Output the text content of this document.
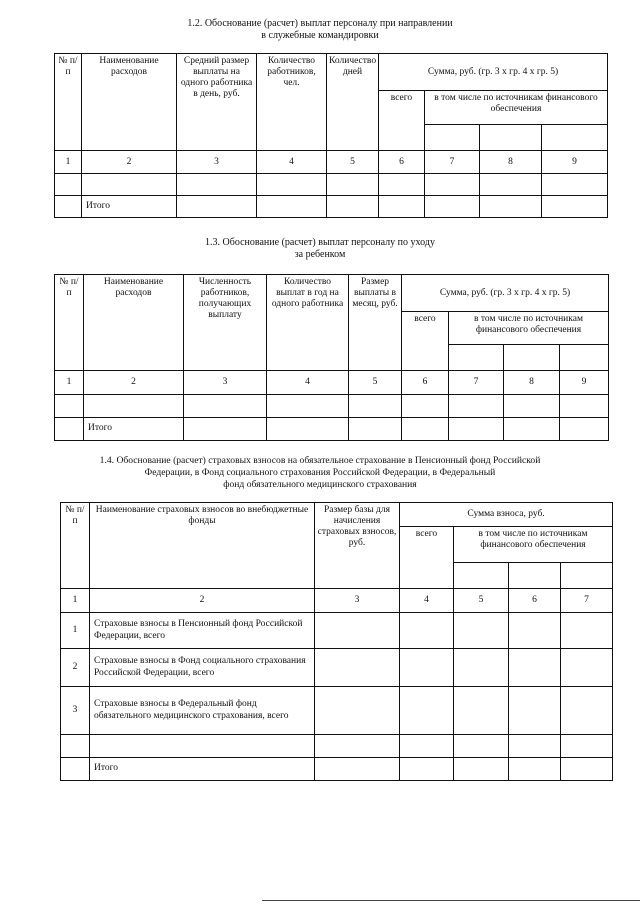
1.2. Обоснование (расчет) выплат персоналу при направлении
в служебные командировки
№ п/п	Наименование расходов	Средний размер выплаты на одного работника в день, руб.	Количество работников, чел.	Количество дней	Сумма, руб. (гр. 3 х гр. 4 х гр. 5)			
					всего	в том числе по источникам финансового обеспечения		

1	2	3	4	5	6	7	8	9

	Итого							
1.3. Обоснование (расчет) выплат персоналу по уходу
за ребенком
№ п/п	Наименование расходов	Численность работников, получающих выплату	Количество выплат в год на одного работника	Размер выплаты в месяц, руб.	Сумма, руб. (гр. 3 х гр. 4 х гр. 5)			
					всего	в том числе по источникам финансового обеспечения		

1	2	3	4	5	6	7	8	9

	Итого							
1.4. Обоснование (расчет) страховых взносов на обязательное страхование в Пенсионный фонд Российской
Федерации, в Фонд социального страхования Российской Федерации, в Федеральный
фонд обязательного медицинского страхования
№ п/п	Наименование страховых взносов во внебюджетные фонды	Размер базы для начисления страховых взносов, руб.	Сумма взноса, руб.			
			всего	в том числе по источникам финансового обеспечения		

1	2	3	4	5	6	7
1	Страховые взносы в Пенсионный фонд Российской Федерации, всего					
2	Страховые взносы в Фонд социального страхования Российской Федерации, всего					
3	Страховые взносы в Федеральный фонд обязательного медицинского страхования, всего					

	Итого					
